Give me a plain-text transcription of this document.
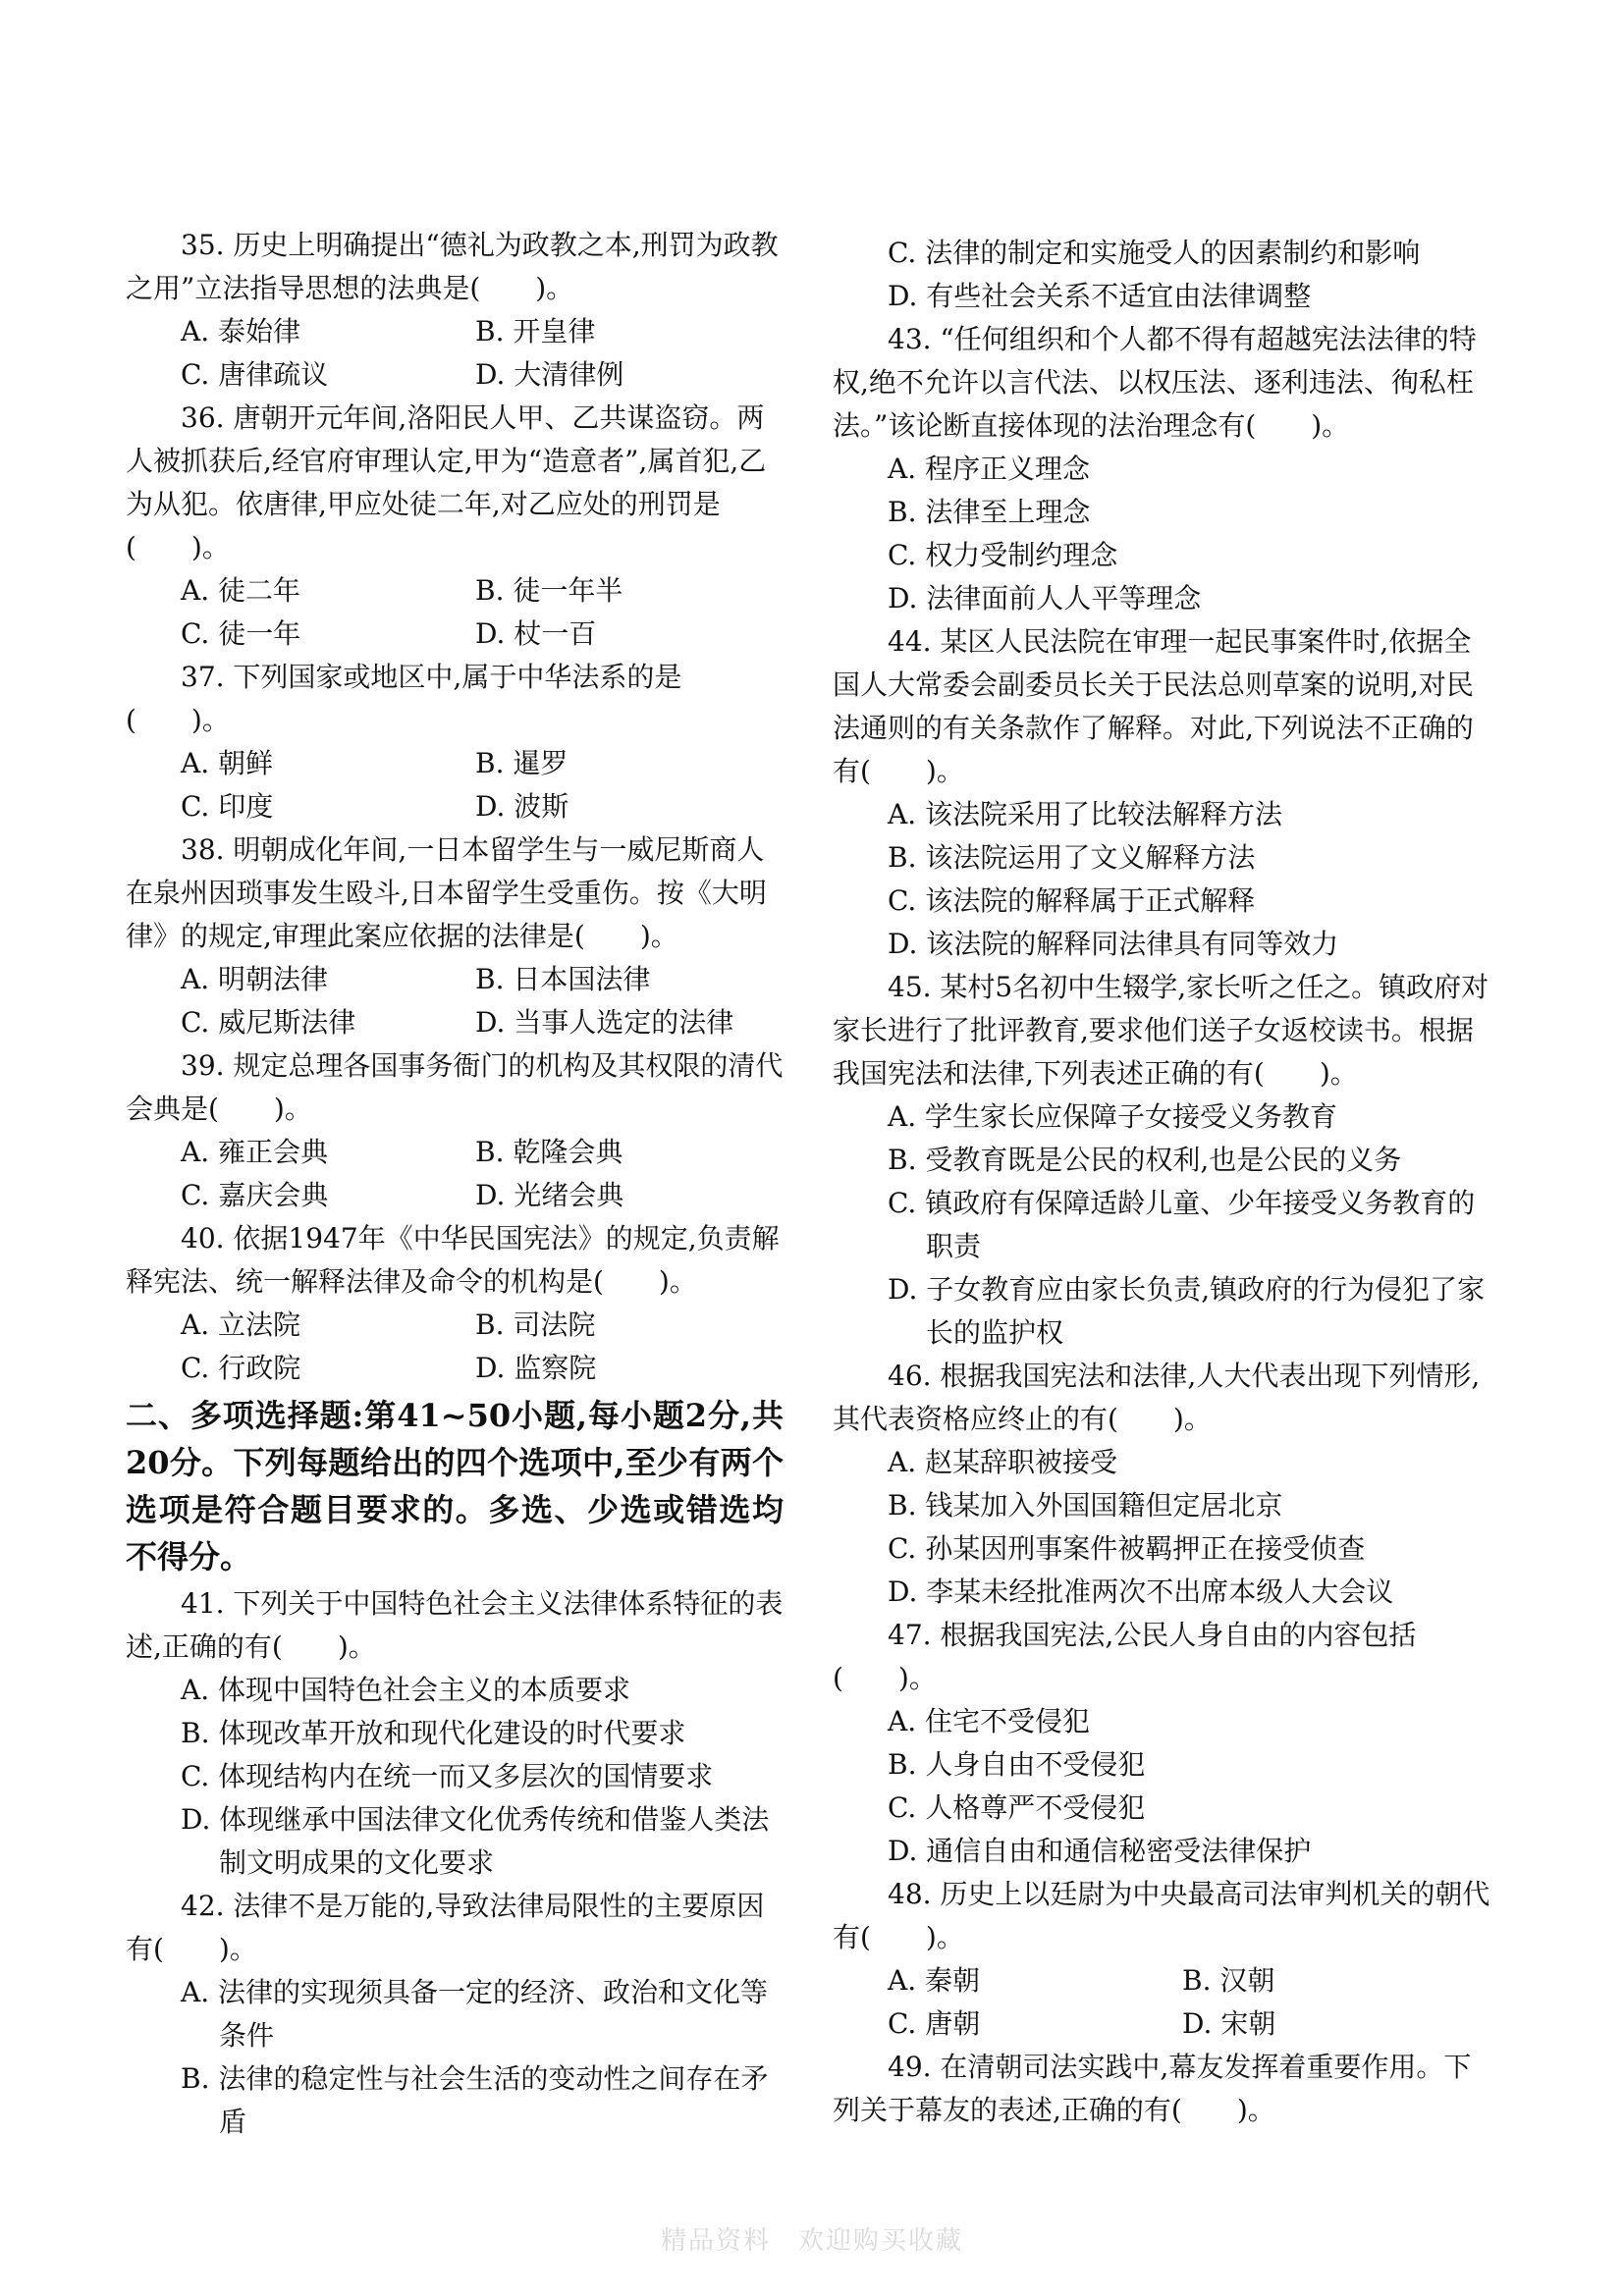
35. 历史上明确提出“德礼为政教之本,刑罚为政教之用”立法指导思想的法典是(　　)。

A. 泰始律	B. 开皇律
C. 唐律疏议	D. 大清律例

36. 唐朝开元年间,洛阳民人甲、乙共谋盗窃。两人被抓获后,经官府审理认定,甲为“造意者”,属首犯,乙为从犯。依唐律,甲应处徒二年,对乙应处的刑罚是(　　)。

A. 徒二年	B. 徒一年半
C. 徒一年	D. 杖一百

37. 下列国家或地区中,属于中华法系的是(　　)。

A. 朝鲜	B. 暹罗
C. 印度	D. 波斯

38. 明朝成化年间,一日本留学生与一威尼斯商人在泉州因琐事发生殴斗,日本留学生受重伤。按《大明律》的规定,审理此案应依据的法律是(　　)。

A. 明朝法律	B. 日本国法律
C. 威尼斯法律	D. 当事人选定的法律

39. 规定总理各国事务衙门的机构及其权限的清代会典是(　　)。

A. 雍正会典	B. 乾隆会典
C. 嘉庆会典	D. 光绪会典

40. 依据1947年《中华民国宪法》的规定,负责解释宪法、统一解释法律及命令的机构是(　　)。

A. 立法院	B. 司法院
C. 行政院	D. 监察院

二、多项选择题:第41~50小题,每小题2分,共20分。下列每题给出的四个选项中,至少有两个选项是符合题目要求的。多选、少选或错选均不得分。

41. 下列关于中国特色社会主义法律体系特征的表述,正确的有(　　)。

A. 体现中国特色社会主义的本质要求

B. 体现改革开放和现代化建设的时代要求

C. 体现结构内在统一而又多层次的国情要求

D. 体现继承中国法律文化优秀传统和借鉴人类法制文明成果的文化要求

42. 法律不是万能的,导致法律局限性的主要原因有(　　)。

A. 法律的实现须具备一定的经济、政治和文化等条件

B. 法律的稳定性与社会生活的变动性之间存在矛盾

C. 法律的制定和实施受人的因素制约和影响

D. 有些社会关系不适宜由法律调整

43. “任何组织和个人都不得有超越宪法法律的特权,绝不允许以言代法、以权压法、逐利违法、徇私枉法。”该论断直接体现的法治理念有(　　)。

A. 程序正义理念

B. 法律至上理念

C. 权力受制约理念

D. 法律面前人人平等理念

44. 某区人民法院在审理一起民事案件时,依据全国人大常委会副委员长关于民法总则草案的说明,对民法通则的有关条款作了解释。对此,下列说法不正确的有(　　)。

A. 该法院采用了比较法解释方法

B. 该法院运用了文义解释方法

C. 该法院的解释属于正式解释

D. 该法院的解释同法律具有同等效力

45. 某村5名初中生辍学,家长听之任之。镇政府对家长进行了批评教育,要求他们送子女返校读书。根据我国宪法和法律,下列表述正确的有(　　)。

A. 学生家长应保障子女接受义务教育

B. 受教育既是公民的权利,也是公民的义务

C. 镇政府有保障适龄儿童、少年接受义务教育的职责

D. 子女教育应由家长负责,镇政府的行为侵犯了家长的监护权

46. 根据我国宪法和法律,人大代表出现下列情形,其代表资格应终止的有(　　)。

A. 赵某辞职被接受

B. 钱某加入外国国籍但定居北京

C. 孙某因刑事案件被羁押正在接受侦查

D. 李某未经批准两次不出席本级人大会议

47. 根据我国宪法,公民人身自由的内容包括(　　)。

A. 住宅不受侵犯

B. 人身自由不受侵犯

C. 人格尊严不受侵犯

D. 通信自由和通信秘密受法律保护

48. 历史上以廷尉为中央最高司法审判机关的朝代有(　　)。

A. 秦朝	B. 汉朝
C. 唐朝	D. 宋朝

49. 在清朝司法实践中,幕友发挥着重要作用。下列关于幕友的表述,正确的有(　　)。

精品资料　欢迎购买收藏
